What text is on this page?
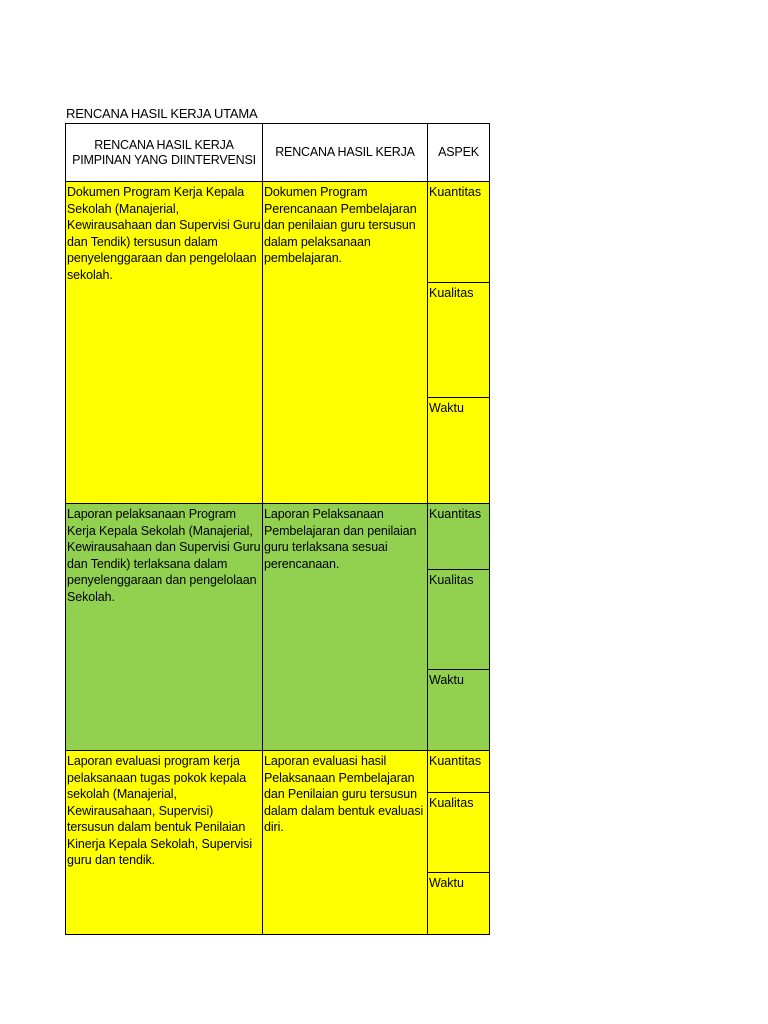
RENCANA HASIL KERJA UTAMA
RENCANA HASIL KERJA PIMPINAN YANG DIINTERVENSI
RENCANA HASIL KERJA ASPEK
Dokumen Program Kerja Kepala Sekolah (Manajerial, Kewirausahaan dan Supervisi Guru dan Tendik) tersusun dalam penyelenggaraan dan pengelolaan sekolah.
Dokumen Program Perencanaan Pembelajaran dan penilaian guru tersusun dalam pelaksanaan pembelajaran.
Kuantitas
Kualitas
Waktu
Laporan pelaksanaan Program Kerja Kepala Sekolah (Manajerial, Kewirausahaan dan Supervisi Guru dan Tendik) terlaksana dalam penyelenggaraan dan pengelolaan Sekolah.
Laporan Pelaksanaan Pembelajaran dan penilaian guru terlaksana sesuai perencanaan.
Kuantitas
Kualitas
Waktu
Laporan evaluasi program kerja pelaksanaan tugas pokok kepala sekolah (Manajerial, Kewirausahaan, Supervisi) tersusun dalam bentuk Penilaian Kinerja Kepala Sekolah, Supervisi guru dan tendik.
Laporan evaluasi hasil Pelaksanaan Pembelajaran dan Penilaian guru tersusun dalam dalam bentuk evaluasi diri.
Kuantitas
Kualitas
Waktu
